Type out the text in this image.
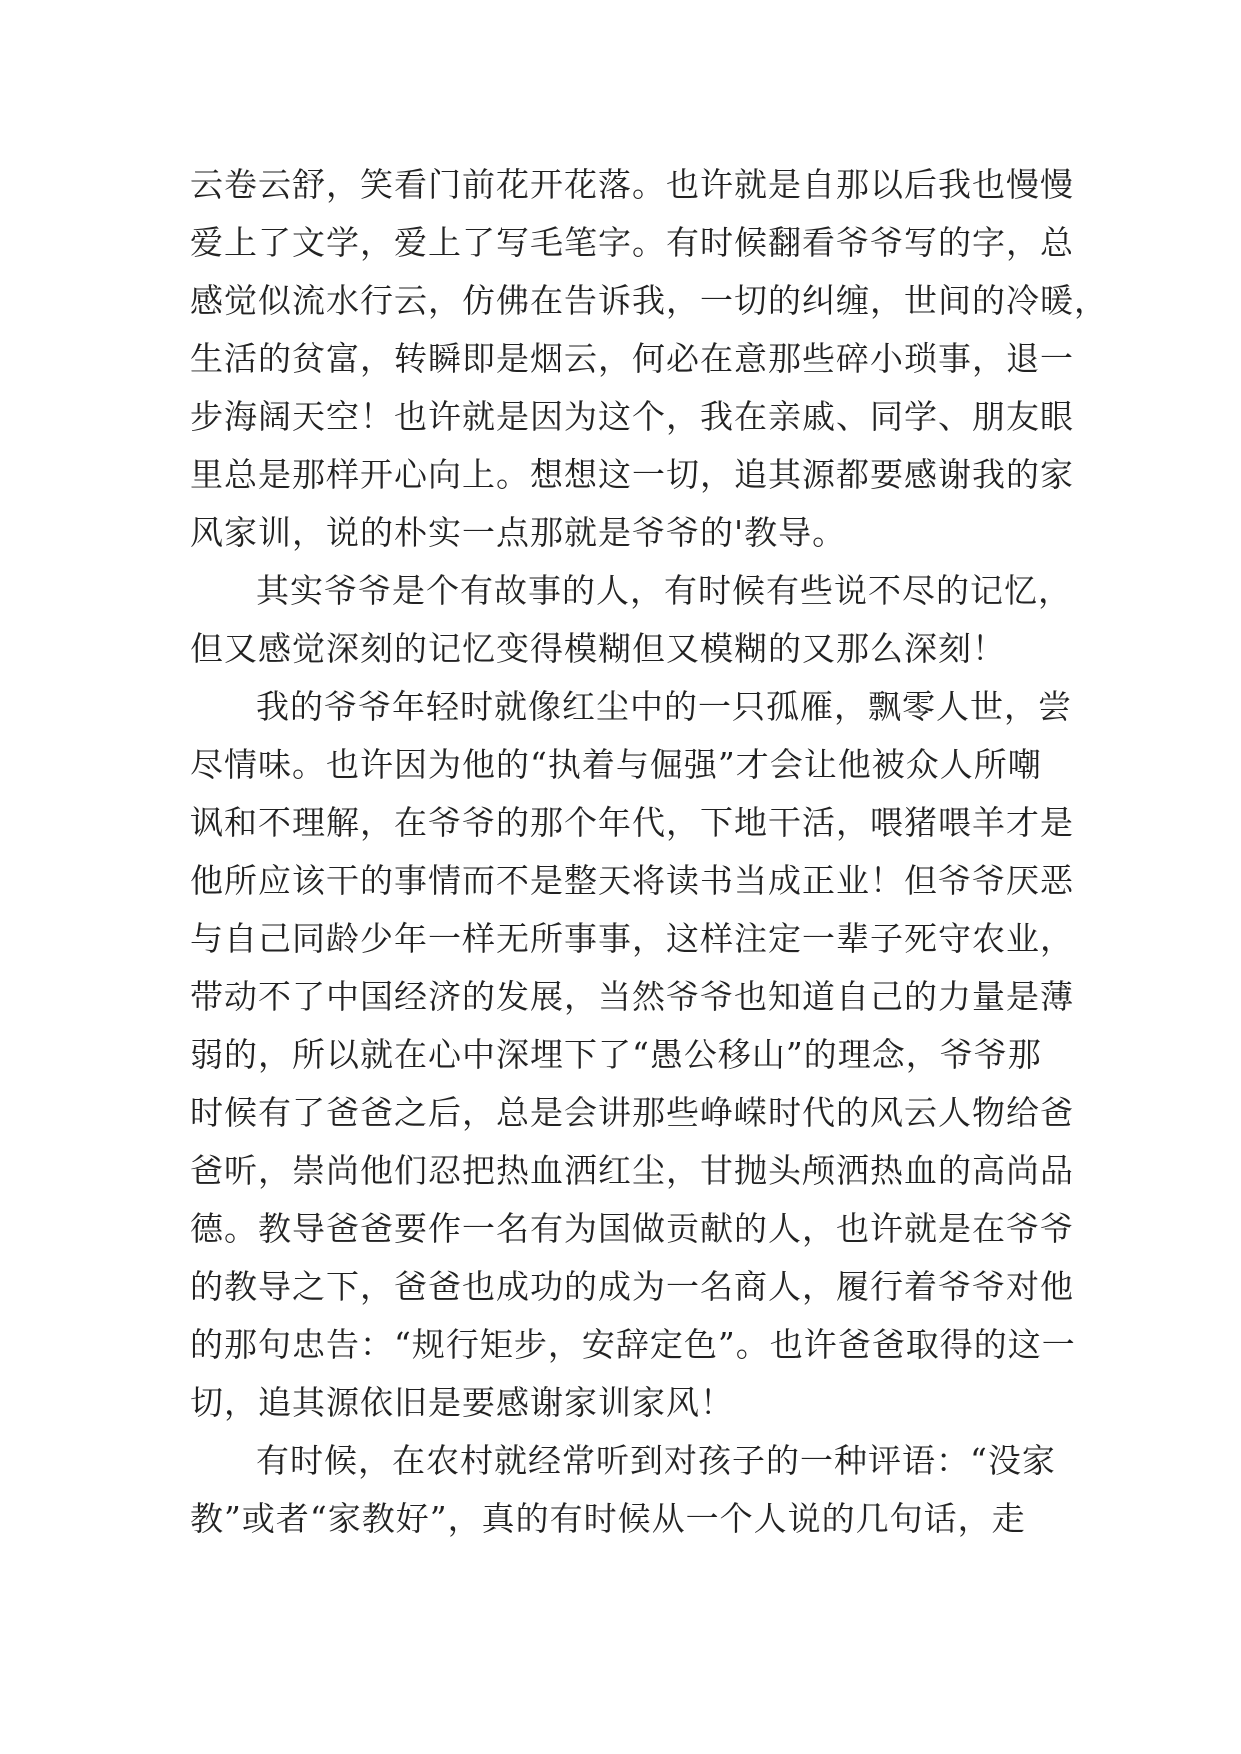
云卷云舒，笑看门前花开花落。也许就是自那以后我也慢慢
爱上了文学，爱上了写毛笔字。有时候翻看爷爷写的字，总
感觉似流水行云，仿佛在告诉我，一切的纠缠，世间的冷暖，
生活的贫富，转瞬即是烟云，何必在意那些碎小琐事，退一
步海阔天空！也许就是因为这个，我在亲戚、同学、朋友眼
里总是那样开心向上。想想这一切，追其源都要感谢我的家
风家训，说的朴实一点那就是爷爷的'教导。
其实爷爷是个有故事的人，有时候有些说不尽的记忆，
但又感觉深刻的记忆变得模糊但又模糊的又那么深刻！
我的爷爷年轻时就像红尘中的一只孤雁，飘零人世，尝
尽情味。也许因为他的“执着与倔强”才会让他被众人所嘲
讽和不理解，在爷爷的那个年代，下地干活，喂猪喂羊才是
他所应该干的事情而不是整天将读书当成正业！但爷爷厌恶
与自己同龄少年一样无所事事，这样注定一辈子死守农业，
带动不了中国经济的发展，当然爷爷也知道自己的力量是薄
弱的，所以就在心中深埋下了“愚公移山”的理念，爷爷那
时候有了爸爸之后，总是会讲那些峥嵘时代的风云人物给爸
爸听，崇尚他们忍把热血洒红尘，甘抛头颅洒热血的高尚品
德。教导爸爸要作一名有为国做贡献的人，也许就是在爷爷
的教导之下，爸爸也成功的成为一名商人，履行着爷爷对他
的那句忠告：“规行矩步，安辞定色”。也许爸爸取得的这一
切，追其源依旧是要感谢家训家风！
有时候，在农村就经常听到对孩子的一种评语：“没家
教”或者“家教好”，真的有时候从一个人说的几句话，走
